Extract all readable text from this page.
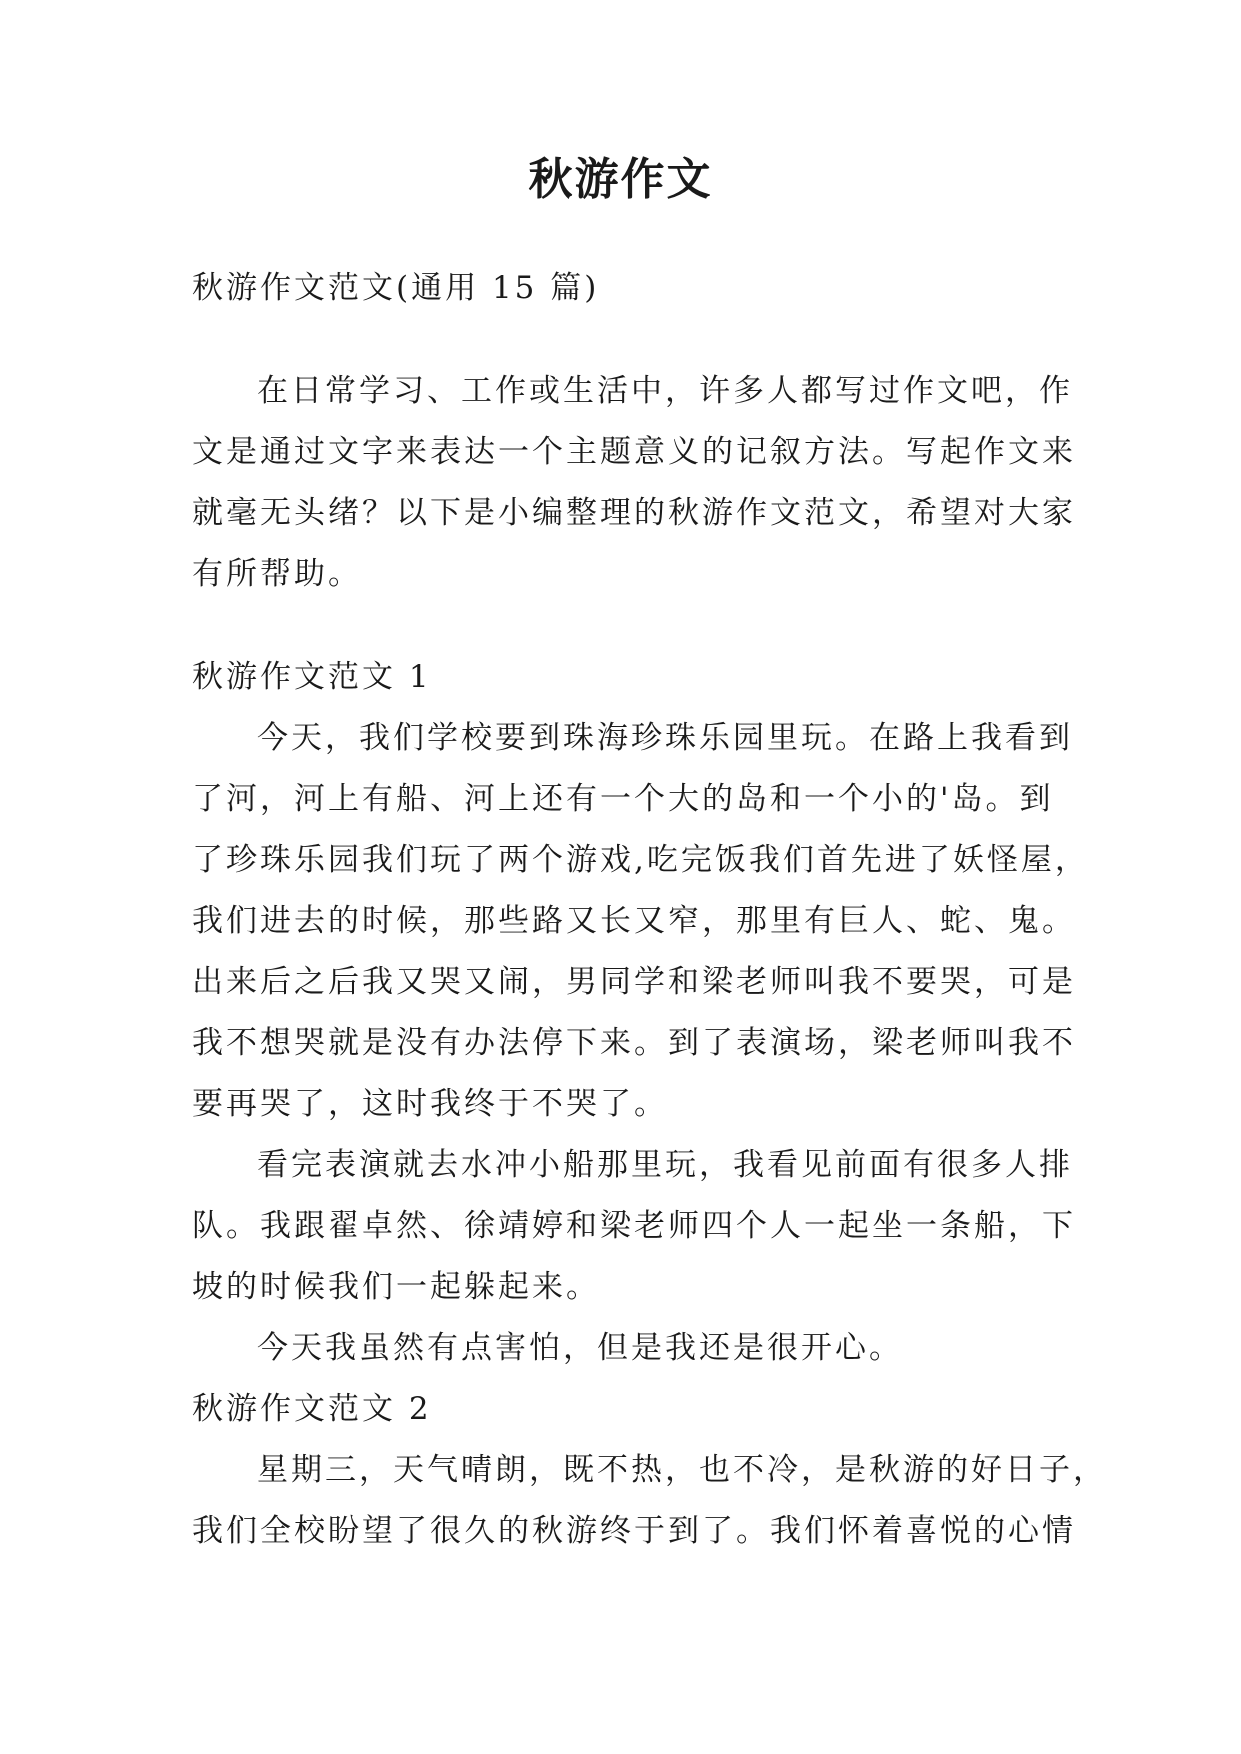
秋游作文
秋游作文范文(通用 15 篇)
在日常学习、工作或生活中，许多人都写过作文吧，作
文是通过文字来表达一个主题意义的记叙方法。写起作文来
就毫无头绪？以下是小编整理的秋游作文范文，希望对大家
有所帮助。
秋游作文范文 1
今天，我们学校要到珠海珍珠乐园里玩。在路上我看到
了河，河上有船、河上还有一个大的岛和一个小的'岛。到
了珍珠乐园我们玩了两个游戏,吃完饭我们首先进了妖怪屋，
我们进去的时候，那些路又长又窄，那里有巨人、蛇、鬼。
出来后之后我又哭又闹，男同学和梁老师叫我不要哭，可是
我不想哭就是没有办法停下来。到了表演场，梁老师叫我不
要再哭了，这时我终于不哭了。
看完表演就去水冲小船那里玩，我看见前面有很多人排
队。我跟翟卓然、徐靖婷和梁老师四个人一起坐一条船，下
坡的时候我们一起躲起来。
今天我虽然有点害怕，但是我还是很开心。
秋游作文范文 2
星期三，天气晴朗，既不热，也不冷，是秋游的好日子，
我们全校盼望了很久的秋游终于到了。我们怀着喜悦的心情
